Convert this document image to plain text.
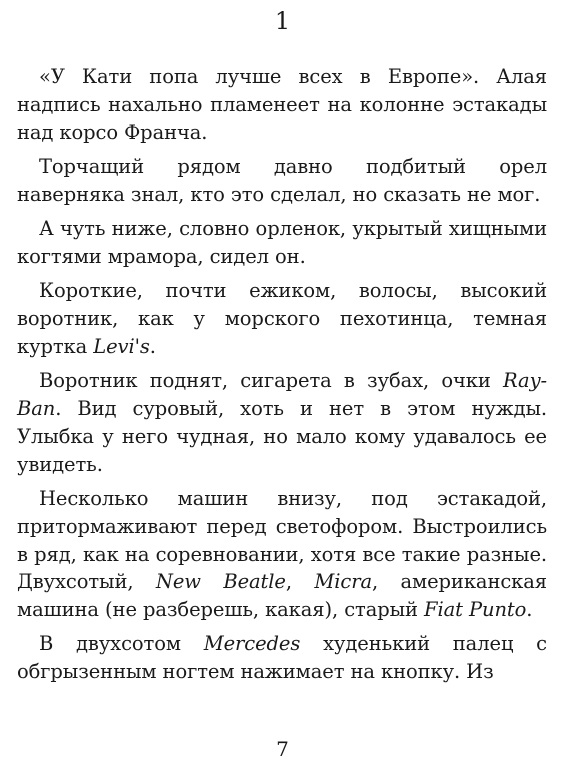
1

«У Кати попа лучше всех в Европе». Алая надпись нахально пламенеет на колонне эстакады над корсо Франча.

Торчащий рядом давно подбитый орел наверняка знал, кто это сделал, но сказать не мог.

А чуть ниже, словно орленок, укрытый хищными когтями мрамора, сидел он.

Короткие, почти ежиком, волосы, высокий воротник, как у морского пехотинца, темная куртка Levi's.

Воротник поднят, сигарета в зубах, очки Ray-Ban. Вид суровый, хоть и нет в этом нужды. Улыбка у него чудная, но мало кому удавалось ее увидеть.

Несколько машин внизу, под эстакадой, притормаживают перед светофором. Выстроились в ряд, как на соревновании, хотя все такие разные. Двухсотый, New Beatle, Micra, американская машина (не разберешь, какая), старый Fiat Punto.

В двухсотом Mercedes худенький палец с обгрызенным ногтем нажимает на кнопку. Из

7
